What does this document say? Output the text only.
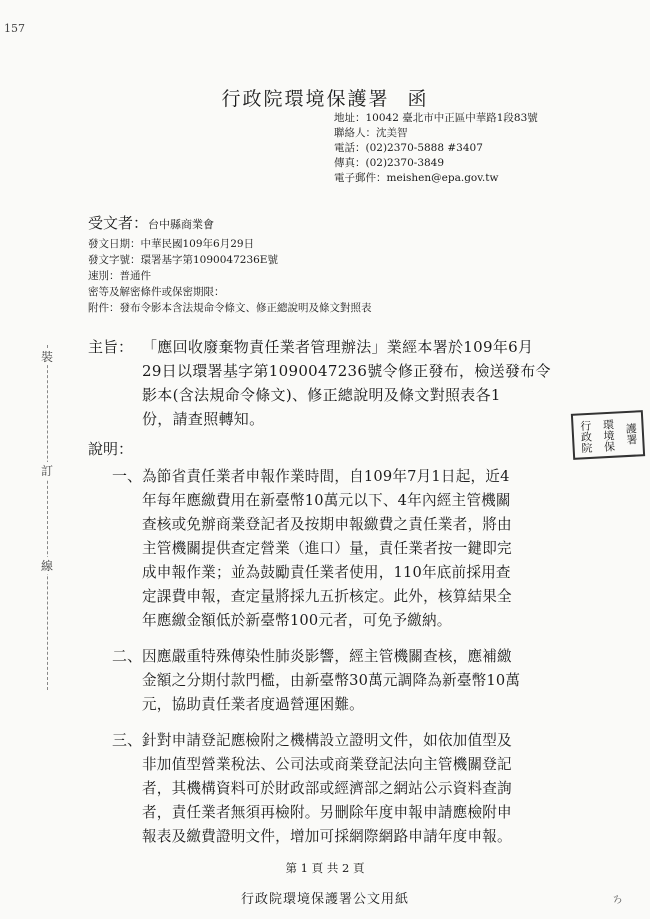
157
行政院環境保護署 函
地址：10042 臺北市中正區中華路1段83號
聯絡人：沈美智
電話：(02)2370-5888 #3407
傳真：(02)2370-3849
電子郵件：meishen@epa.gov.tw
受文者：台中縣商業會
發文日期：中華民國109年6月29日
發文字號：環署基字第1090047236E號
速別：普通件
密等及解密條件或保密期限：
附件：發布令影本含法規命令條文、修正總說明及條文對照表
主旨： 「應回收廢棄物責任業者管理辦法」業經本署於109年6月
29日以環署基字第1090047236號令修正發布，檢送發布令
影本(含法規命令條文)、修正總說明及條文對照表各1
份，請查照轉知。
說明：
一、 為節省責任業者申報作業時間，自109年7月1日起，近4
年每年應繳費用在新臺幣10萬元以下、4年內經主管機關
查核或免辦商業登記者及按期申報繳費之責任業者，將由
主管機關提供查定營業（進口）量，責任業者按一鍵即完
成申報作業；並為鼓勵責任業者使用，110年底前採用查
定課費申報，查定量將採九五折核定。此外，核算結果全
年應繳金額低於新臺幣100元者，可免予繳納。
二、 因應嚴重特殊傳染性肺炎影響，經主管機關查核，應補繳
金額之分期付款門檻，由新臺幣30萬元調降為新臺幣10萬
元，協助責任業者度過營運困難。
三、 針對申請登記應檢附之機構設立證明文件，如依加值型及
非加值型營業稅法、公司法或商業登記法向主管機關登記
者，其機構資料可於財政部或經濟部之網站公示資料查詢
者，責任業者無須再檢附。另刪除年度申報申請應檢附申
報表及繳費證明文件，增加可採網際網路申請年度申報。
裝
訂
線
行政院 環境保 護署
第 1 頁 共 2 頁
行政院環境保護署公文用紙	ろ
